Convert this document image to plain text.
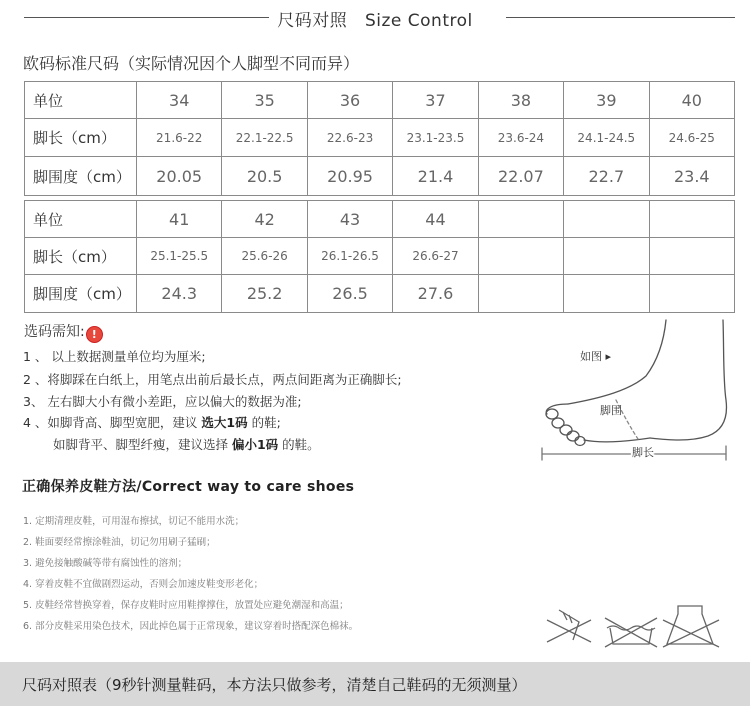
尺码对照   Size Control
欧码标准尺码（实际情况因个人脚型不同而异）
单位	34	35	36	37	38	39	40
脚长（cm）	21.6-22	22.1-22.5	22.6-23	23.1-23.5	23.6-24	24.1-24.5	24.6-25
脚围度（cm）	20.05	20.5	20.95	21.4	22.07	22.7	23.4
单位	41	42	43	44			
脚长（cm）	25.1-25.5	25.6-26	26.1-26.5	26.6-27			
脚围度（cm）	24.3	25.2	26.5	27.6			
选码需知: !
1 、 以上数据测量单位均为厘米;
2 、将脚踩在白纸上，用笔点出前后最长点，两点间距离为正确脚长;
3、 左右脚大小有微小差距，应以偏大的数据为准;
4 、如脚背高、脚型宽肥，建议 选大1码 的鞋;
如脚背平、脚型纤瘦，建议选择 偏小1码 的鞋。
如图 ▸
脚围
脚长
正确保养皮鞋方法/Correct way to care shoes
1. 定期清理皮鞋，可用湿布擦拭，切记不能用水洗；
2. 鞋面要经常擦涂鞋油，切记勿用刷子猛刷；
3. 避免接触酸碱等带有腐蚀性的溶剂；
4. 穿着皮鞋不宜做剧烈运动，否则会加速皮鞋变形老化；
5. 皮鞋经常替换穿着，保存皮鞋时应用鞋撑撑住，放置处应避免潮湿和高温；
6. 部分皮鞋采用染色技术，因此掉色属于正常现象，建议穿着时搭配深色棉袜。
尺码对照表（9秒针测量鞋码，本方法只做参考，清楚自己鞋码的无须测量）
